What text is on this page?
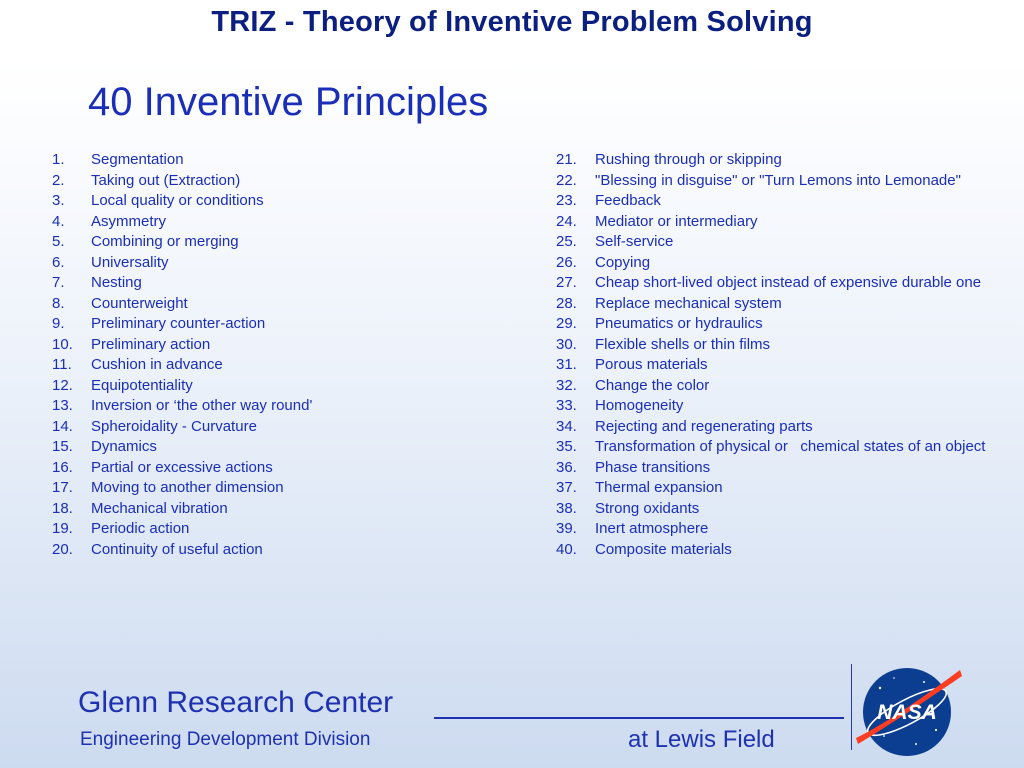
TRIZ - Theory of Inventive Problem Solving
40 Inventive Principles
1.	Segmentation
2.	Taking out (Extraction)
3.	Local quality or conditions
4.	Asymmetry
5.	Combining or merging
6.	Universality
7.	Nesting
8.	Counterweight
9.	Preliminary counter-action
10.	Preliminary action
11.	Cushion in advance
12.	Equipotentiality
13.	Inversion or ‘the other way round'
14.	Spheroidality - Curvature
15.	Dynamics
16.	Partial or excessive actions
17.	Moving to another dimension
18.	Mechanical vibration
19.	Periodic action
20.	Continuity of useful action
21.	Rushing through or skipping
22.	"Blessing in disguise" or "Turn Lemons into Lemonade"
23.	Feedback
24.	Mediator or intermediary
25.	Self-service
26.	Copying
27.	Cheap short-lived object instead of expensive durable one
28.	Replace mechanical system
29.	Pneumatics or hydraulics
30.	Flexible shells or thin films
31.	Porous materials
32.	Change the color
33.	Homogeneity
34.	Rejecting and regenerating parts
35.	Transformation of physical or   chemical states of an object
36.	Phase transitions
37.	Thermal expansion
38.	Strong oxidants
39.	Inert atmosphere
40.	Composite materials
Glenn Research Center
Engineering Development Division	at Lewis Field
NASA
